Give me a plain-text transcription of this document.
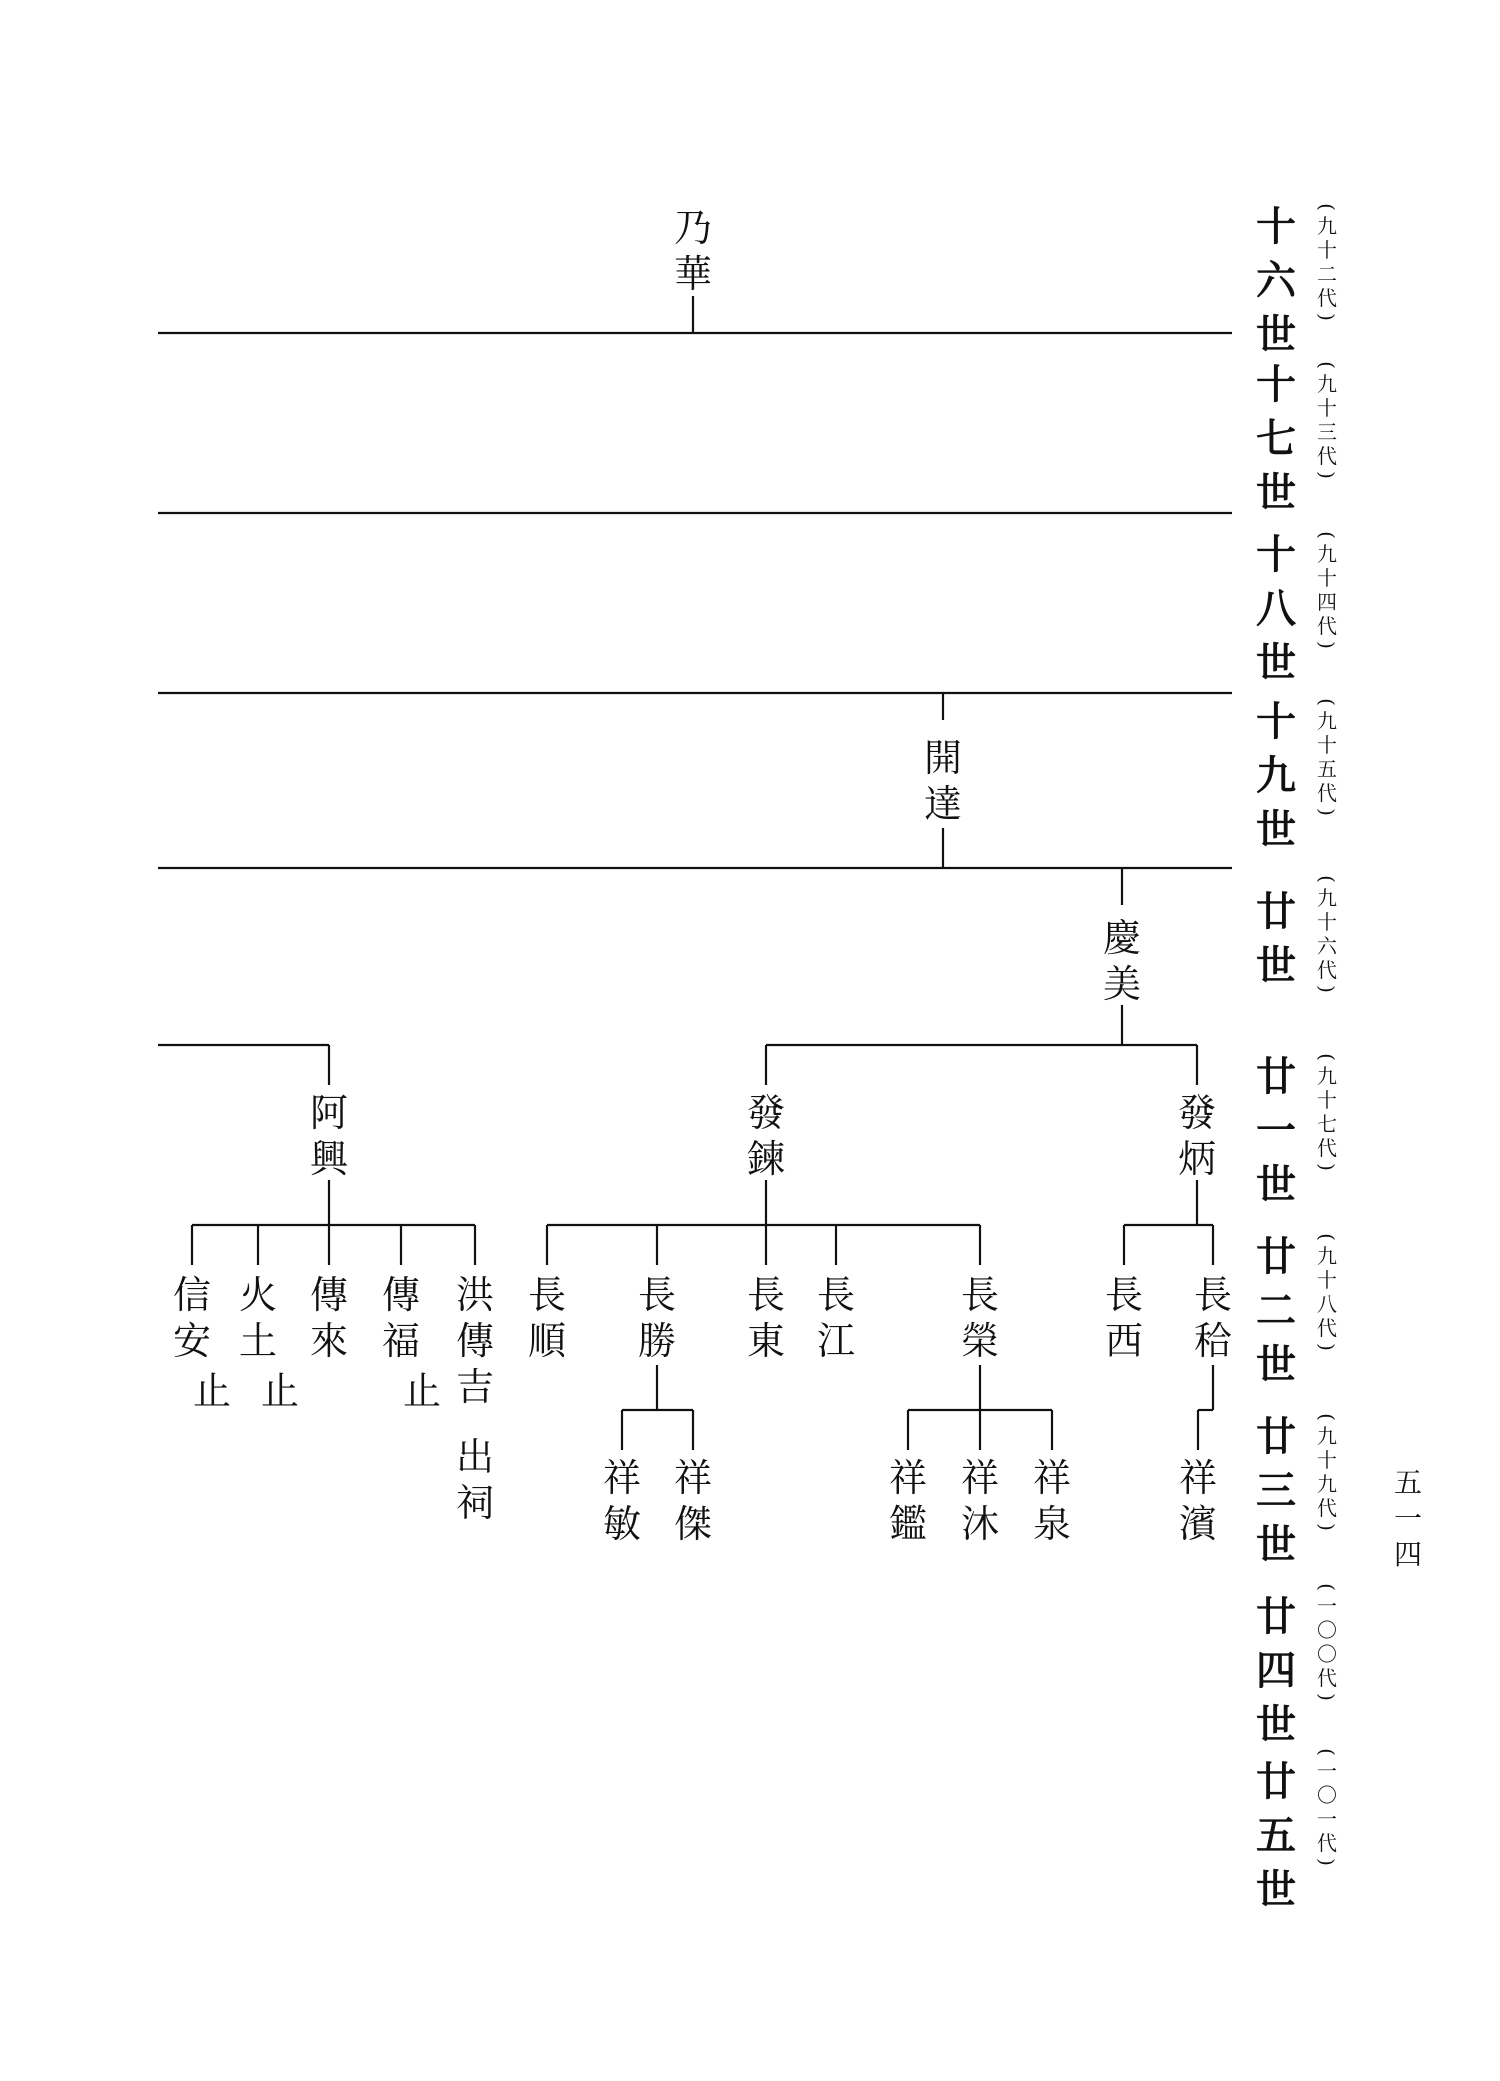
十六世
( 九十二代 )
十七世
( 九十三代 )
十八世
( 九十四代 )
十九世
( 九十五代 )
廿世
( 九十六代 )
廿一世
( 九十七代 )
廿二世
( 九十八代 )
廿三世
( 九十九代 )
廿四世
( 一〇〇代 )
廿五世
( 一〇一代 )
五一四
乃華
開達
慶美
阿興
發鍊
發炳
信安
火土
傳來
傳福
洪傳吉
長順
長勝
長東
長江
長榮
長西
長秴
祥敏
祥傑
祥鑑
祥沐
祥泉
祥濱
止 止	止
出祠
